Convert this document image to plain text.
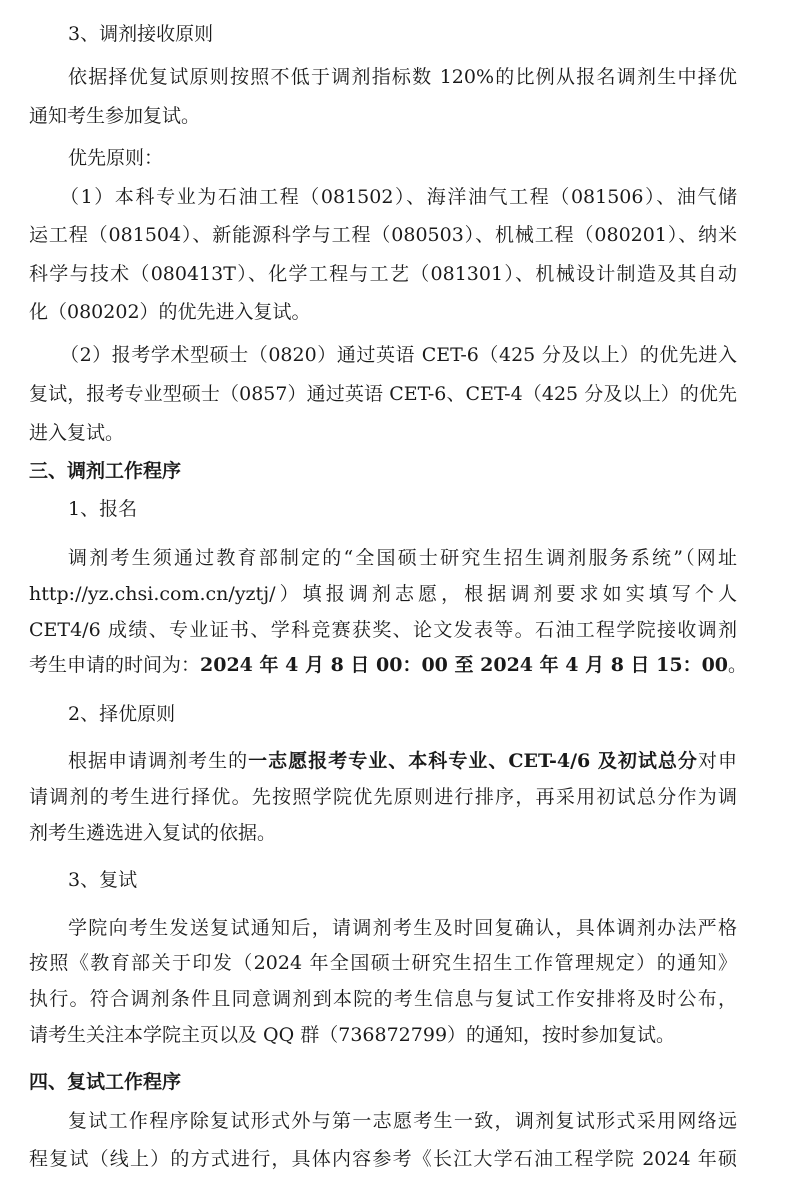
3、调剂接收原则
依据择优复试原则按照不低于调剂指标数 120%的比例从报名调剂生中择优
通知考生参加复试。
优先原则：
（1）本科专业为石油工程（081502）、海洋油气工程（081506）、油气储
运工程（081504）、新能源科学与工程（080503）、机械工程（080201）、纳米
科学与技术（080413T）、化学工程与工艺（081301）、机械设计制造及其自动
化（080202）的优先进入复试。
（2）报考学术型硕士（0820）通过英语 CET-6（425 分及以上）的优先进入
复试，报考专业型硕士（0857）通过英语 CET-6、CET-4（425 分及以上）的优先
进入复试。
三、调剂工作程序
1、报名
调剂考生须通过教育部制定的“全国硕士研究生招生调剂服务系统”（网址
http://yz.chsi.com.cn/yztj/）填报调剂志愿，根据调剂要求如实填写个人
CET4/6 成绩、专业证书、学科竞赛获奖、论文发表等。石油工程学院接收调剂
考生申请的时间为：2024 年 4 月 8 日 00：00 至 2024 年 4 月 8 日 15：00。
2、择优原则
根据申请调剂考生的一志愿报考专业、本科专业、CET-4/6 及初试总分对申
请调剂的考生进行择优。先按照学院优先原则进行排序，再采用初试总分作为调
剂考生遴选进入复试的依据。
3、复试
学院向考生发送复试通知后，请调剂考生及时回复确认，具体调剂办法严格
按照《教育部关于印发（2024 年全国硕士研究生招生工作管理规定）的通知》
执行。符合调剂条件且同意调剂到本院的考生信息与复试工作安排将及时公布，
请考生关注本学院主页以及 QQ 群（736872799）的通知，按时参加复试。
四、复试工作程序
复试工作程序除复试形式外与第一志愿考生一致，调剂复试形式采用网络远
程复试（线上）的方式进行，具体内容参考《长江大学石油工程学院 2024 年硕
